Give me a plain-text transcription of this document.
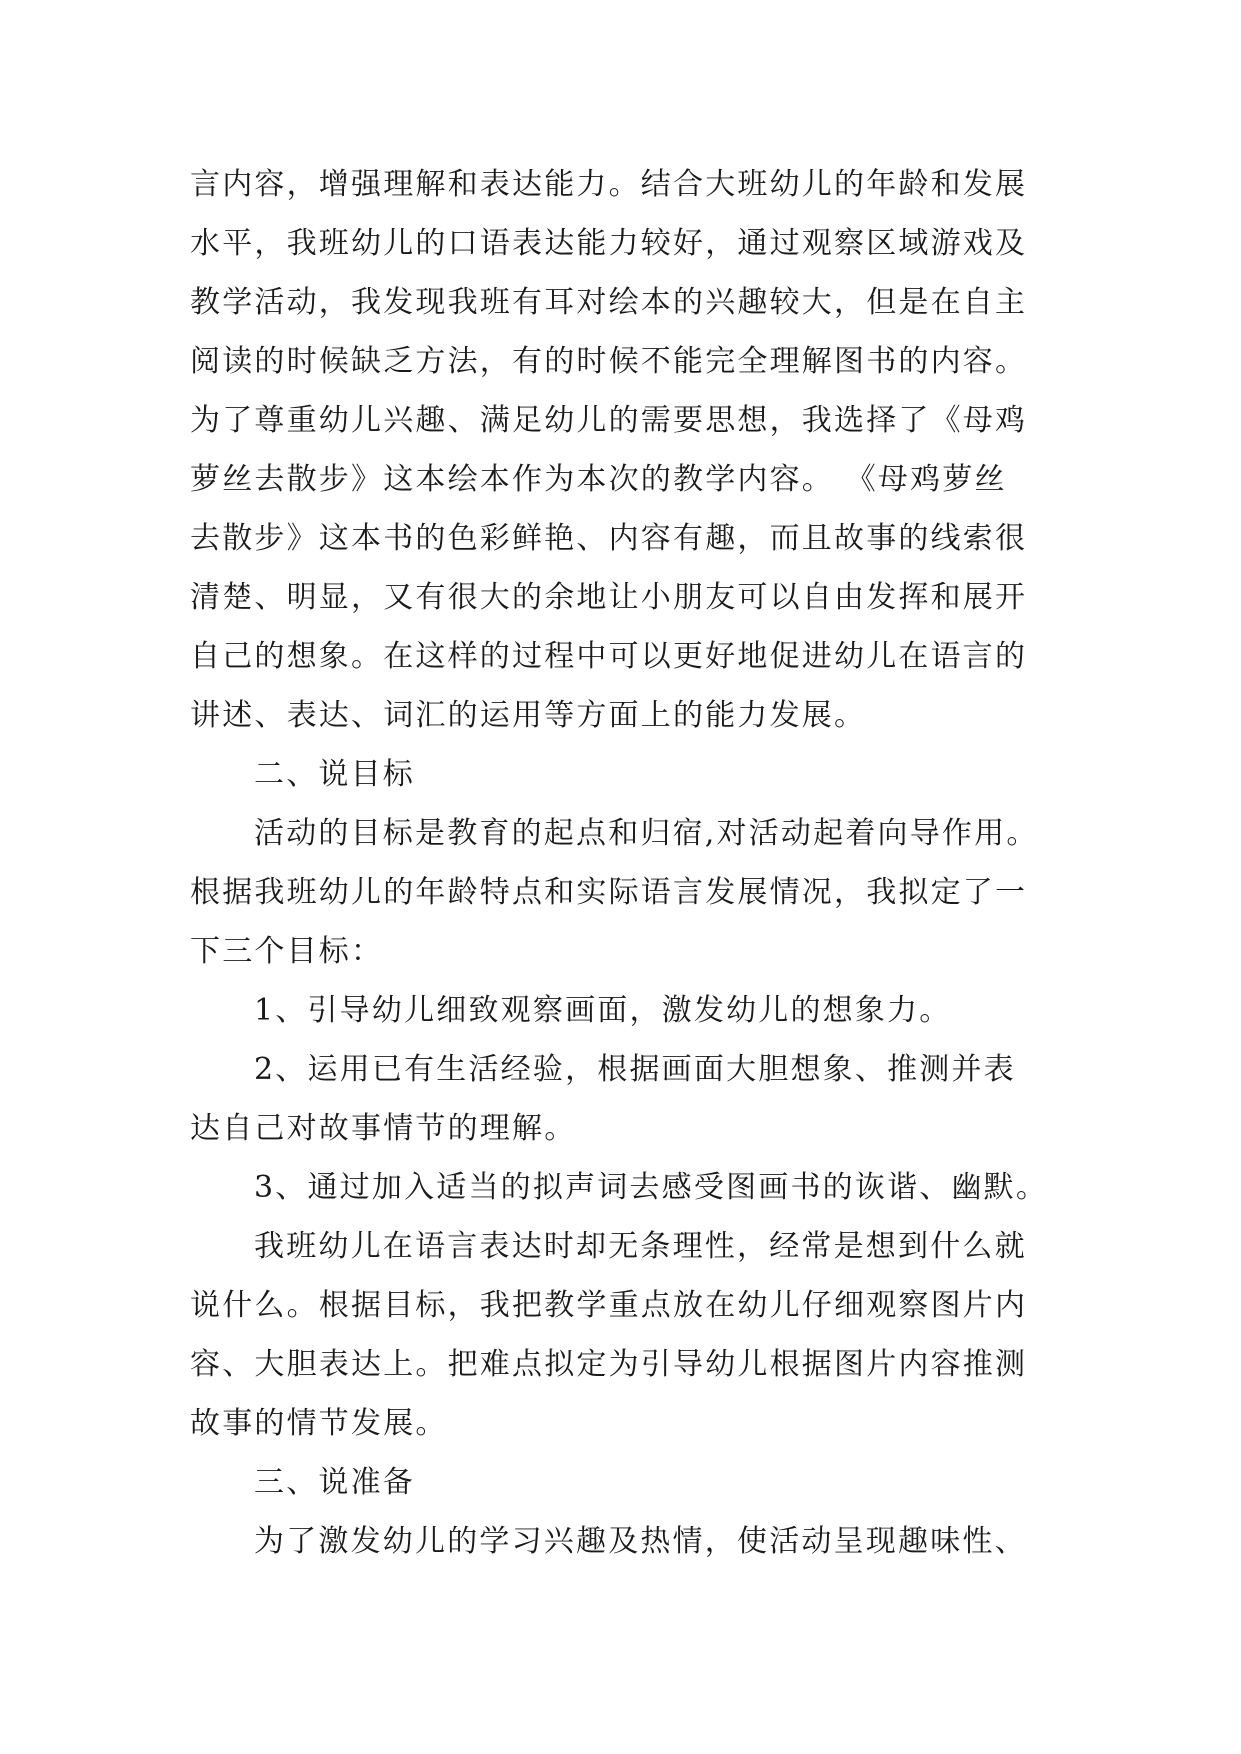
言内容，增强理解和表达能力。结合大班幼儿的年龄和发展
水平，我班幼儿的口语表达能力较好，通过观察区域游戏及
教学活动，我发现我班有耳对绘本的兴趣较大，但是在自主
阅读的时候缺乏方法，有的时候不能完全理解图书的内容。
为了尊重幼儿兴趣、满足幼儿的需要思想，我选择了《母鸡
萝丝去散步》这本绘本作为本次的教学内容。 《母鸡萝丝
去散步》这本书的色彩鲜艳、内容有趣，而且故事的线索很
清楚、明显，又有很大的余地让小朋友可以自由发挥和展开
自己的想象。在这样的过程中可以更好地促进幼儿在语言的
讲述、表达、词汇的运用等方面上的能力发展。
二、说目标
活动的目标是教育的起点和归宿,对活动起着向导作用。
根据我班幼儿的年龄特点和实际语言发展情况，我拟定了一
下三个目标：
1、引导幼儿细致观察画面，激发幼儿的想象力。
2、运用已有生活经验，根据画面大胆想象、推测并表
达自己对故事情节的理解。
3、通过加入适当的拟声词去感受图画书的诙谐、幽默。
我班幼儿在语言表达时却无条理性，经常是想到什么就
说什么。根据目标，我把教学重点放在幼儿仔细观察图片内
容、大胆表达上。把难点拟定为引导幼儿根据图片内容推测
故事的情节发展。
三、说准备
为了激发幼儿的学习兴趣及热情，使活动呈现趣味性、
